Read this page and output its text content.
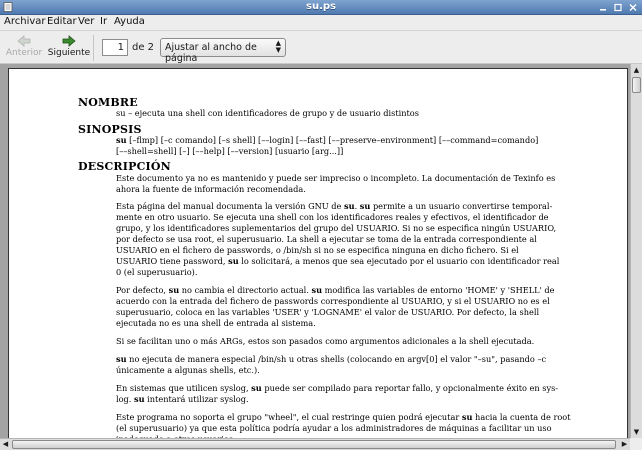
su.ps
Archivar Editar Ver Ir Ayuda
Anterior Siguiente	1 de 2	Ajustar al ancho de página
▲
▼
NOMBRE
su – ejecuta una shell con identificadores de grupo y de usuario distintos
SINOPSIS
su [–flmp] [–c comando] [–s shell] [––login] [––fast] [––preserve–environment] [––command=comando]
[––shell=shell] [–] [––help] [––version] [usuario [arg...]]
DESCRIPCIÓN
Este documento ya no es mantenido y puede ser impreciso o incompleto. La documentación de Texinfo es
ahora la fuente de información recomendada.
Esta página del manual documenta la versión GNU de su. su permite a un usuario convertirse temporal-
mente en otro usuario. Se ejecuta una shell con los identificadores reales y efectivos, el identificador de
grupo, y los identificadores suplementarios del grupo del USUARIO. Si no se especifica ningún USUARIO,
por defecto se usa root, el superusuario. La shell a ejecutar se toma de la entrada correspondiente al
USUARIO en el fichero de passwords, o /bin/sh si no se especifica ninguna en dicho fichero. Si el
USUARIO tiene password, su lo solicitará, a menos que sea ejecutado por el usuario con identificador real
0 (el superusuario).
Por defecto, su no cambia el directorio actual. su modifica las variables de entorno 'HOME' y 'SHELL' de
acuerdo con la entrada del fichero de passwords correspondiente al USUARIO, y si el USUARIO no es el
superusuario, coloca en las variables 'USER' y 'LOGNAME' el valor de USUARIO. Por defecto, la shell
ejecutada no es una shell de entrada al sistema.
Si se facilitan uno o más ARGs, estos son pasados como argumentos adicionales a la shell ejecutada.
su no ejecuta de manera especial /bin/sh u otras shells (colocando en argv[0] el valor "–su", pasando –c
únicamente a algunas shells, etc.).
En sistemas que utilicen syslog, su puede ser compilado para reportar fallo, y opcionalmente éxito en sys-
log. su intentará utilizar syslog.
Este programa no soporta el grupo "wheel", el cual restringe quien podrá ejecutar su hacia la cuenta de root
(el superusuario) ya que esta política podría ayudar a los administradores de máquinas a facilitar un uso
▲
▼
◀	▶
